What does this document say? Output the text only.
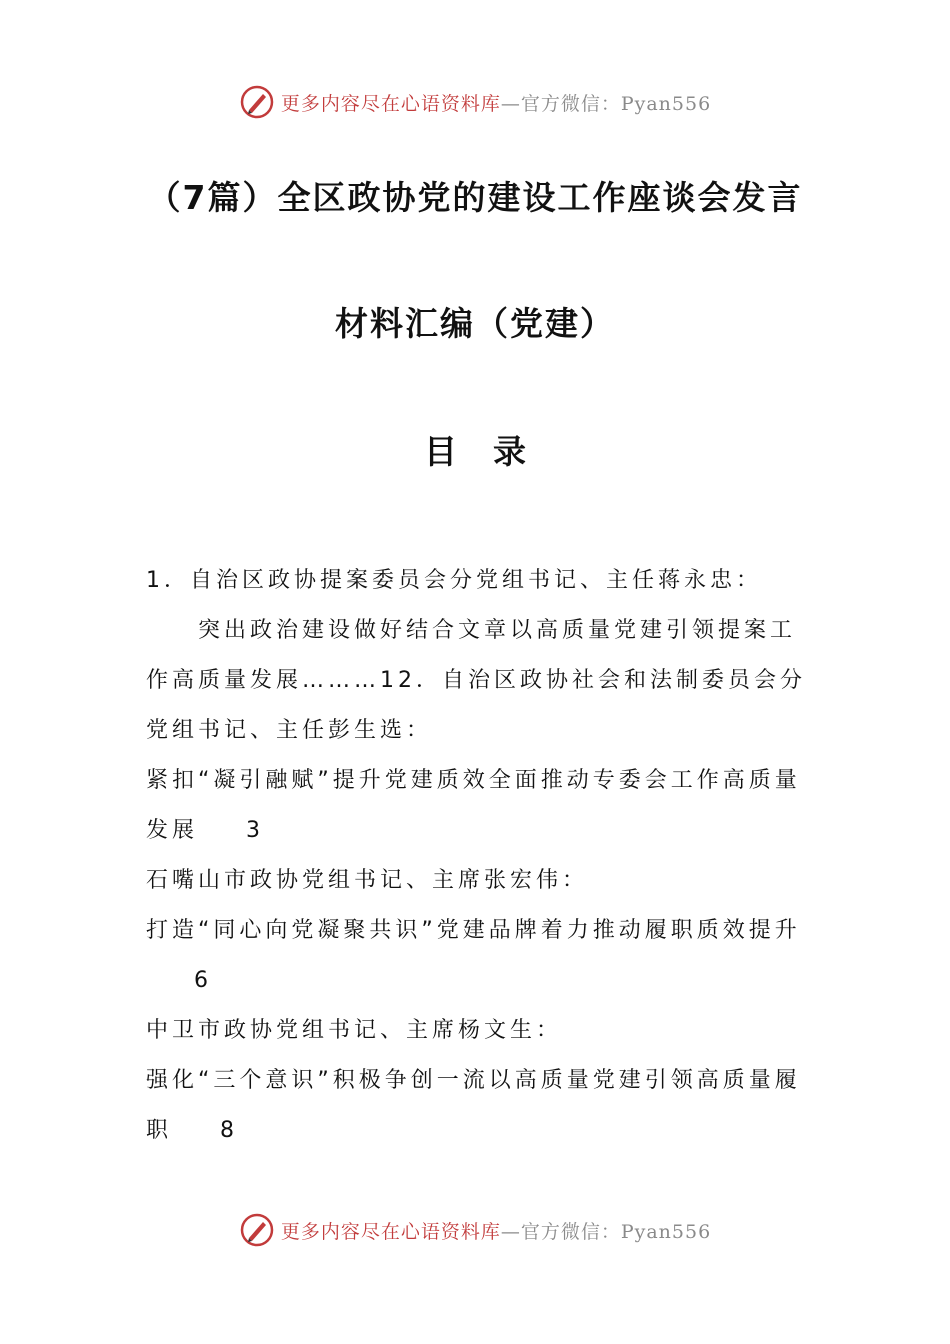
更多内容尽在心语资料库—官方微信：Pyan556
（7篇）全区政协党的建设工作座谈会发言
材料汇编（党建）
目录

1．自治区政协提案委员会分党组书记、主任蒋永忠：

突出政治建设做好结合文章以高质量党建引领提案工作高质量发展………12．自治区政协社会和法制委员会分党组书记、主任彭生选：

紧扣“凝引融赋”提升党建质效全面推动专委会工作高质量发展 3

石嘴山市政协党组书记、主席张宏伟：

打造“同心向党凝聚共识”党建品牌着力推动履职质效提升6

中卫市政协党组书记、主席杨文生：

强化“三个意识”积极争创一流以高质量党建引领高质量履职 8

更多内容尽在心语资料库—官方微信：Pyan556
